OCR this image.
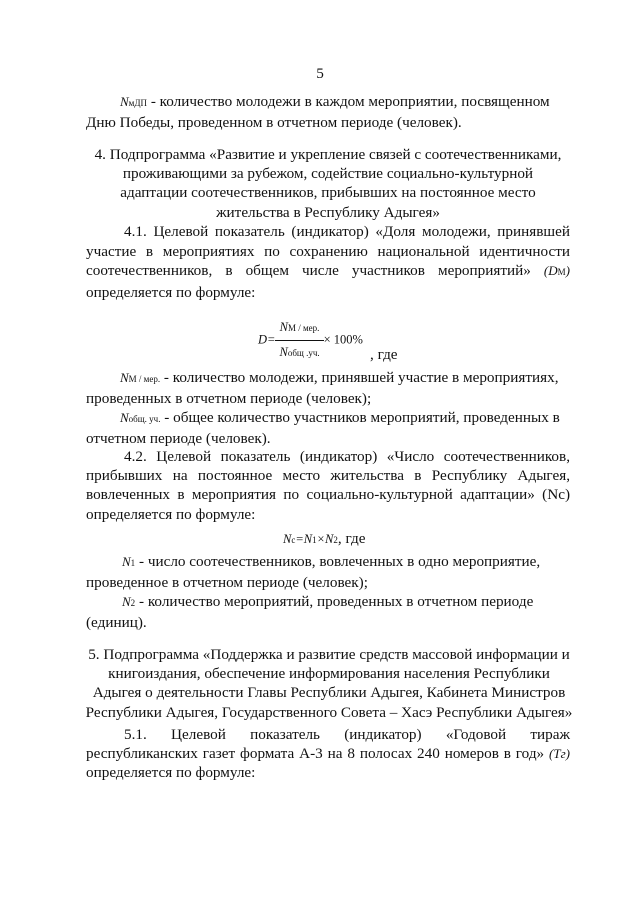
5
NмДП - количество молодежи в каждом мероприятии, посвященном
Дню Победы, проведенном в отчетном периоде (человек).

4. Подпрограмма «Развитие и укрепление связей с соотечественниками, проживающими за рубежом, содействие социально-культурной адаптации соотечественников, прибывших на постоянное место жительства в Республику Адыгея»

4.1. Целевой показатель (индикатор) «Доля молодежи, принявшей участие в мероприятиях по сохранению национальной идентичности соотечественников, в общем числе участников мероприятий» (DM)

определяется по формуле:

$D= \frac{\text{NM / мер.}}{\text{Nобщ .уч.}} \times 100\%$
, где
NM / мер. - количество молодежи, принявшей участие в мероприятиях,
проведенных в отчетном периоде (человек);
Nобщ. уч. - общее количество участников мероприятий, проведенных в
отчетном периоде (человек).

4.2. Целевой показатель (индикатор) «Число соотечественников, прибывших на постоянное место жительства в Республику Адыгея, вовлеченных в мероприятия по социально-культурной адаптации» (Nc) определяется по формуле:

Nc=N1×N2, где
N1 - число соотечественников, вовлеченных в одно мероприятие,
проведенное в отчетном периоде (человек);
N2 - количество мероприятий, проведенных в отчетном периоде
(единиц).

5. Подпрограмма «Поддержка и развитие средств массовой информации и книгоиздания, обеспечение информирования населения Республики Адыгея о деятельности Главы Республики Адыгея, Кабинета Министров Республики Адыгея, Государственного Совета – Хасэ Республики Адыгея»

5.1. Целевой показатель (индикатор) «Годовой тираж республиканских газет формата А-3 на 8 полосах 240 номеров в год» (Tг) определяется по формуле:
